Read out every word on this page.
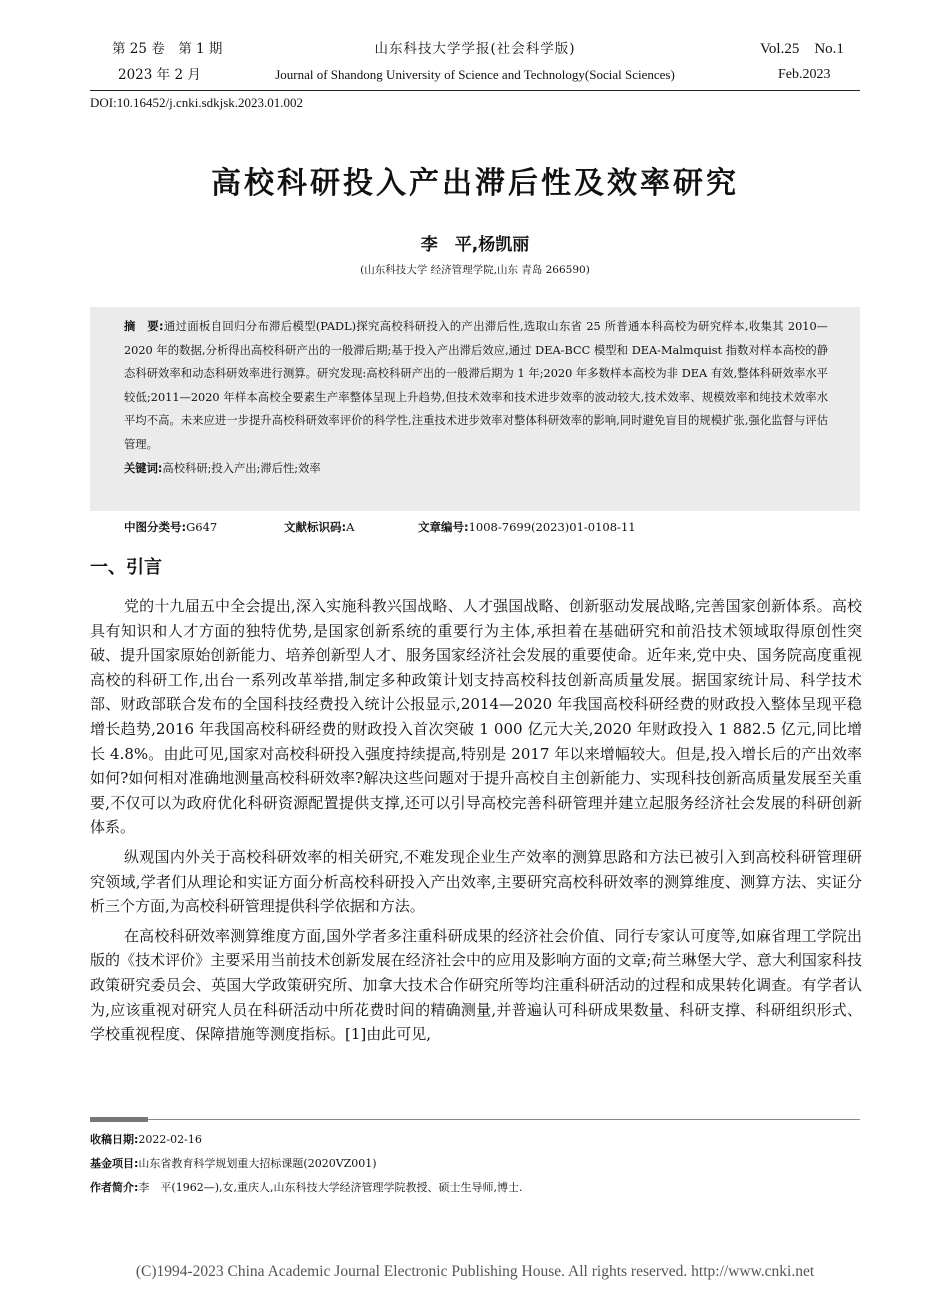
第 25 卷　第 1 期
2023 年 2 月
山东科技大学学报(社会科学版)
Journal of Shandong University of Science and Technology(Social Sciences)
Vol.25　No.1
Feb.2023
DOI:10.16452/j.cnki.sdkjsk.2023.01.002
高校科研投入产出滞后性及效率研究
李　平,杨凯丽
(山东科技大学 经济管理学院,山东 青岛 266590)

摘　要:通过面板自回归分布滞后模型(PADL)探究高校科研投入的产出滞后性,选取山东省 25 所普通本科高校为研究样本,收集其 2010—2020 年的数据,分析得出高校科研产出的一般滞后期;基于投入产出滞后效应,通过 DEA-BCC 模型和 DEA-Malmquist 指数对样本高校的静态科研效率和动态科研效率进行测算。研究发现:高校科研产出的一般滞后期为 1 年;2020 年多数样本高校为非 DEA 有效,整体科研效率水平较低;2011—2020 年样本高校全要素生产率整体呈现上升趋势,但技术效率和技术进步效率的波动较大,技术效率、规模效率和纯技术效率水平均不高。未来应进一步提升高校科研效率评价的科学性,注重技术进步效率对整体科研效率的影响,同时避免盲目的规模扩张,强化监督与评估管理。

关键词:高校科研;投入产出;滞后性;效率

中图分类号:G647	文献标识码:A	文章编号:1008-7699(2023)01-0108-11
一、引言

党的十九届五中全会提出,深入实施科教兴国战略、人才强国战略、创新驱动发展战略,完善国家创新体系。高校具有知识和人才方面的独特优势,是国家创新系统的重要行为主体,承担着在基础研究和前沿技术领域取得原创性突破、提升国家原始创新能力、培养创新型人才、服务国家经济社会发展的重要使命。近年来,党中央、国务院高度重视高校的科研工作,出台一系列改革举措,制定多种政策计划支持高校科技创新高质量发展。据国家统计局、科学技术部、财政部联合发布的全国科技经费投入统计公报显示,2014—2020 年我国高校科研经费的财政投入整体呈现平稳增长趋势,2016 年我国高校科研经费的财政投入首次突破 1 000 亿元大关,2020 年财政投入 1 882.5 亿元,同比增长 4.8%。由此可见,国家对高校科研投入强度持续提高,特别是 2017 年以来增幅较大。但是,投入增长后的产出效率如何?如何相对准确地测量高校科研效率?解决这些问题对于提升高校自主创新能力、实现科技创新高质量发展至关重要,不仅可以为政府优化科研资源配置提供支撑,还可以引导高校完善科研管理并建立起服务经济社会发展的科研创新体系。

纵观国内外关于高校科研效率的相关研究,不难发现企业生产效率的测算思路和方法已被引入到高校科研管理研究领域,学者们从理论和实证方面分析高校科研投入产出效率,主要研究高校科研效率的测算维度、测算方法、实证分析三个方面,为高校科研管理提供科学依据和方法。

在高校科研效率测算维度方面,国外学者多注重科研成果的经济社会价值、同行专家认可度等,如麻省理工学院出版的《技术评价》主要采用当前技术创新发展在经济社会中的应用及影响方面的文章;荷兰琳堡大学、意大利国家科技政策研究委员会、英国大学政策研究所、加拿大技术合作研究所等均注重科研活动的过程和成果转化调查。有学者认为,应该重视对研究人员在科研活动中所花费时间的精确测量,并普遍认可科研成果数量、科研支撑、科研组织形式、学校重视程度、保障措施等测度指标。[1]由此可见,

收稿日期:2022-02-16
基金项目:山东省教育科学规划重大招标课题(2020VZ001)
作者简介:李　平(1962—),女,重庆人,山东科技大学经济管理学院教授、硕士生导师,博士.
(C)1994-2023 China Academic Journal Electronic Publishing House. All rights reserved. http://www.cnki.net
